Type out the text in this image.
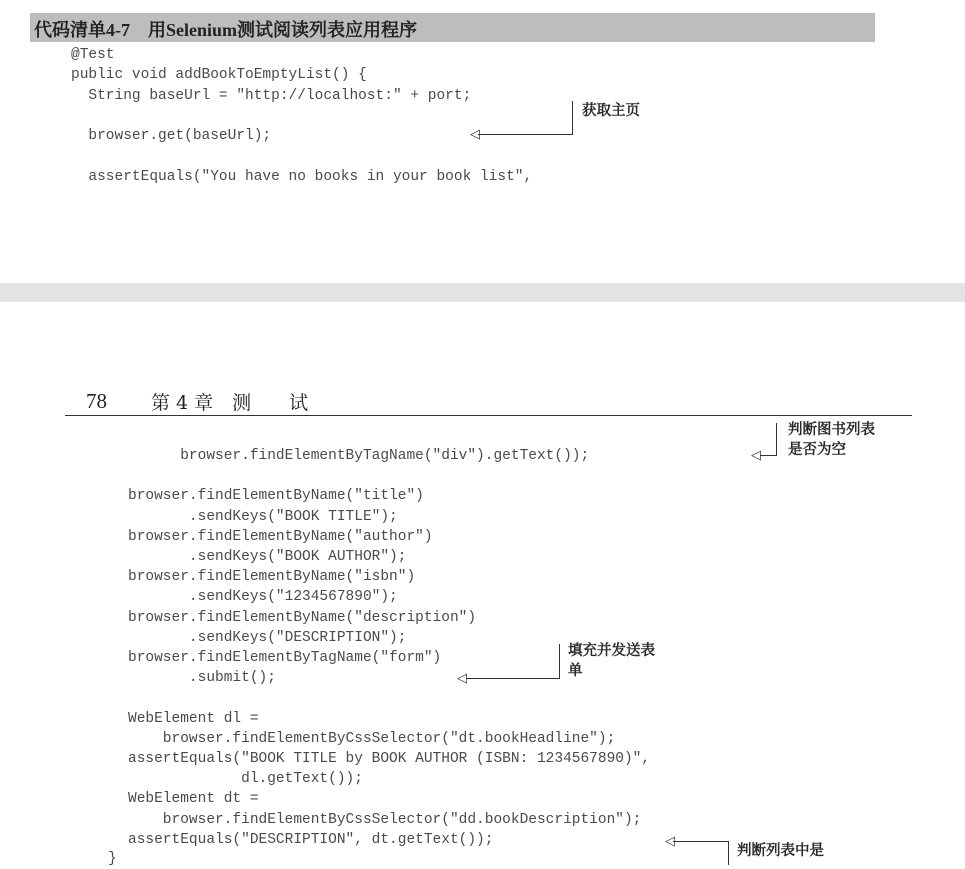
代码清单4-7　用Selenium测试阅读列表应用程序
@Test
public void addBookToEmptyList() {
String baseUrl = "http://localhost:" + port;

browser.get(baseUrl);

assertEquals("You have no books in your book list",
◁
获取主页
78 第 4 章　测　　试
browser.findElementByTagName("div").getText());

browser.findElementByName("title")
.sendKeys("BOOK TITLE");
browser.findElementByName("author")
.sendKeys("BOOK AUTHOR");
browser.findElementByName("isbn")
.sendKeys("1234567890");
browser.findElementByName("description")
.sendKeys("DESCRIPTION");
browser.findElementByTagName("form")
.submit();

WebElement dl =
browser.findElementByCssSelector("dt.bookHeadline");
assertEquals("BOOK TITLE by BOOK AUTHOR (ISBN: 1234567890)",
dl.getText());
WebElement dt =
browser.findElementByCssSelector("dd.bookDescription");
assertEquals("DESCRIPTION", dt.getText());
}
◁
判断图书列表
是否为空
◁
填充并发送表
单
◁
判断列表中是
